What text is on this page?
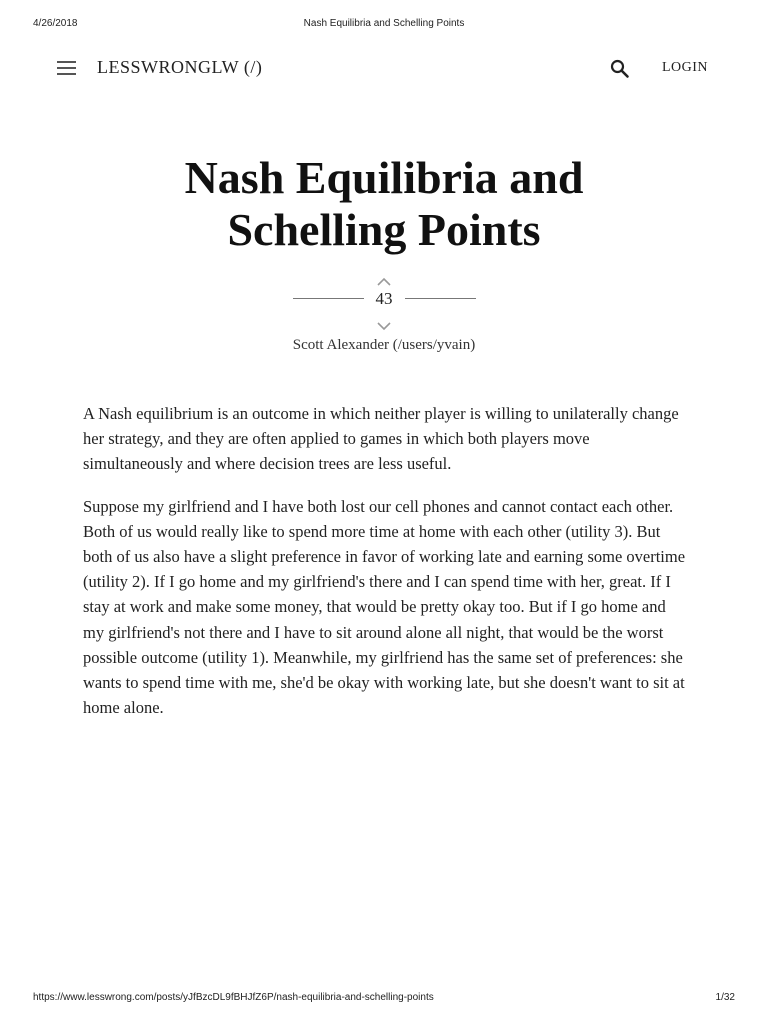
4/26/2018	Nash Equilibria and Schelling Points
LESSWRONGLW (/)	LOGIN
Nash Equilibria and
Schelling Points
43
Scott Alexander (/users/yvain)

A Nash equilibrium is an outcome in which neither player is willing to unilaterally change her strategy, and they are often applied to games in which both players move simultaneously and where decision trees are less useful.

Suppose my girlfriend and I have both lost our cell phones and cannot contact each other. Both of us would really like to spend more time at home with each other (utility 3). But both of us also have a slight preference in favor of working late and earning some overtime (utility 2). If I go home and my girlfriend's there and I can spend time with her, great. If I stay at work and make some money, that would be pretty okay too. But if I go home and my girlfriend's not there and I have to sit around alone all night, that would be the worst possible outcome (utility 1). Meanwhile, my girlfriend has the same set of preferences: she wants to spend time with me, she'd be okay with working late, but she doesn't want to sit at home alone.

https://www.lesswrong.com/posts/yJfBzcDL9fBHJfZ6P/nash-equilibria-and-schelling-points	1/32
